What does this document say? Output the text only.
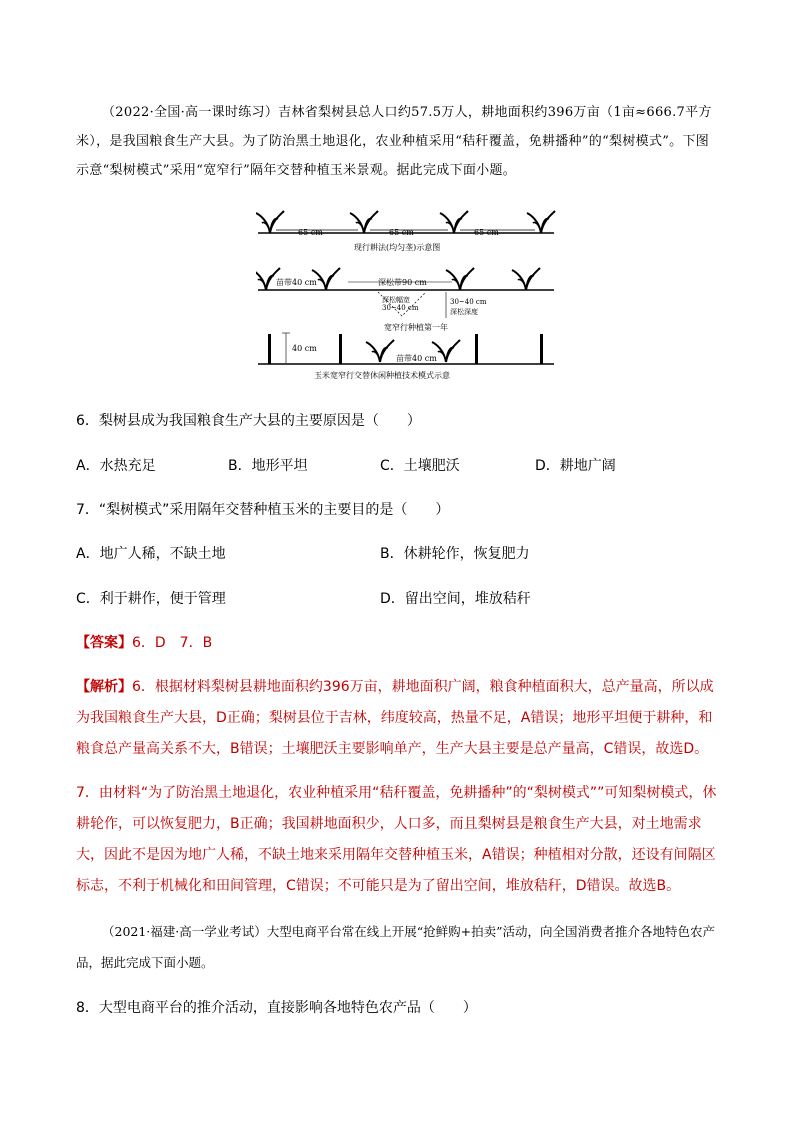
（2022·全国·高一课时练习）吉林省梨树县总人口约57.5万人，耕地面积约396万亩（1亩≈666.7平方米），是我国粮食生产大县。为了防治黑土地退化，农业种植采用“秸秆覆盖，免耕播种”的“梨树模式”。下图示意“梨树模式”采用“宽窄行”隔年交替种植玉米景观。据此完成下面小题。
65 cm	65 cm	65 cm
现行耕法(均匀垄)示意图
苗带40 cm	深松带90 cm
深松幅宽
30~40 cm
30~40 cm
深松深度
宽窄行种植第一年
40 cm
苗带40 cm
玉米宽窄行交替休闲种植技术模式示意
6．梨树县成为我国粮食生产大县的主要原因是（　　）
A．水热充足	B．地形平坦	C．土壤肥沃	D．耕地广阔
7．“梨树模式”采用隔年交替种植玉米的主要目的是（　　）
A．地广人稀，不缺土地	B．休耕轮作，恢复肥力
C．利于耕作，便于管理	D．留出空间，堆放秸秆
【答案】6．D　7．B
【解析】6．根据材料梨树县耕地面积约396万亩，耕地面积广阔，粮食种植面积大，总产量高，所以成为我国粮食生产大县，D正确；梨树县位于吉林，纬度较高，热量不足，A错误；地形平坦便于耕种，和粮食总产量高关系不大，B错误；土壤肥沃主要影响单产，生产大县主要是总产量高，C错误，故选D。
7．由材料“为了防治黑土地退化，农业种植采用“秸秆覆盖，免耕播种”的“梨树模式””可知梨树模式，休耕轮作，可以恢复肥力，B正确；我国耕地面积少，人口多，而且梨树县是粮食生产大县，对土地需求大，因此不是因为地广人稀，不缺土地来采用隔年交替种植玉米，A错误；种植相对分散，还设有间隔区标志，不利于机械化和田间管理，C错误；不可能只是为了留出空间，堆放秸秆，D错误。故选B。
（2021·福建·高一学业考试）大型电商平台常在线上开展“抢鲜购+拍卖”活动，向全国消费者推介各地特色农产品，据此完成下面小题。
8．大型电商平台的推介活动，直接影响各地特色农产品（　　）
